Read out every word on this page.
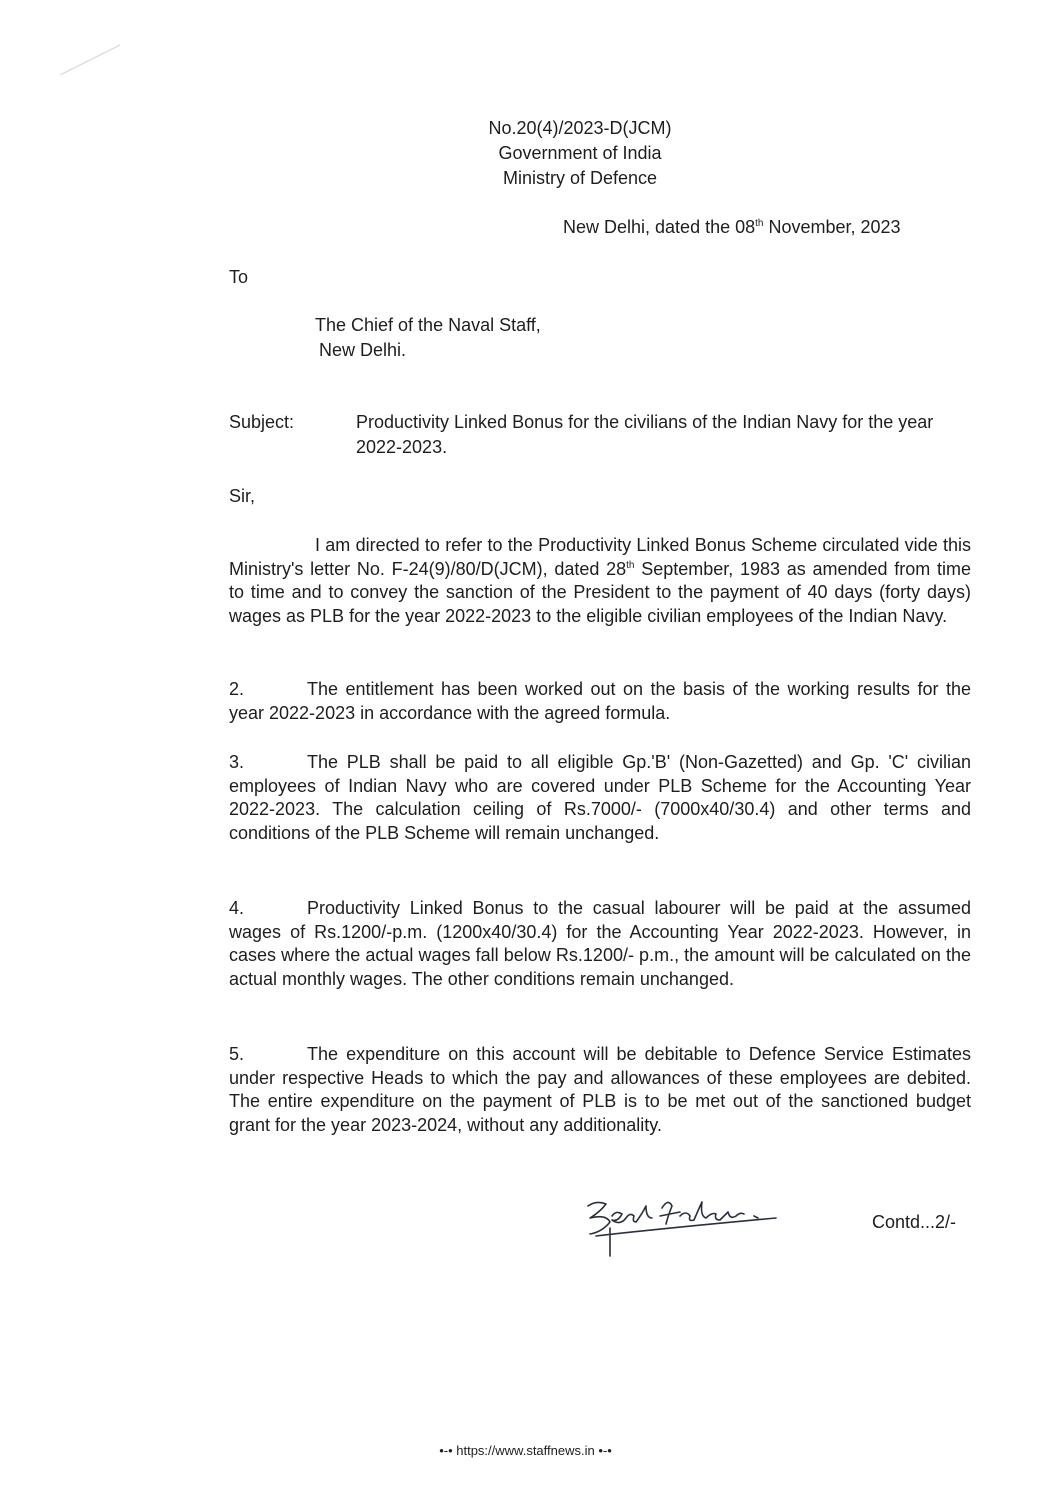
No.20(4)/2023-D(JCM)
Government of India
Ministry of Defence
New Delhi, dated the 08th November, 2023
To
The Chief of the Naval Staff,
New Delhi.
Subject:	Productivity Linked Bonus for the civilians of the Indian Navy for the year 2022-2023.
Sir,
I am directed to refer to the Productivity Linked Bonus Scheme circulated vide this Ministry's letter No. F-24(9)/80/D(JCM), dated 28th September, 1983 as amended from time to time and to convey the sanction of the President to the payment of 40 days (forty days) wages as PLB for the year 2022-2023 to the eligible civilian employees of the Indian Navy.
2.	The entitlement has been worked out on the basis of the working results for the year 2022-2023 in accordance with the agreed formula.
3.	The PLB shall be paid to all eligible Gp.'B' (Non-Gazetted) and Gp. 'C' civilian employees of Indian Navy who are covered under PLB Scheme for the Accounting Year 2022-2023. The calculation ceiling of Rs.7000/- (7000x40/30.4) and other terms and conditions of the PLB Scheme will remain unchanged.
4.	Productivity Linked Bonus to the casual labourer will be paid at the assumed wages of Rs.1200/-p.m. (1200x40/30.4) for the Accounting Year 2022-2023. However, in cases where the actual wages fall below Rs.1200/- p.m., the amount will be calculated on the actual monthly wages. The other conditions remain unchanged.
5.	The expenditure on this account will be debitable to Defence Service Estimates under respective Heads to which the pay and allowances of these employees are debited. The entire expenditure on the payment of PLB is to be met out of the sanctioned budget grant for the year 2023-2024, without any additionality.
Contd...2/-
•-• https://www.staffnews.in •-•
